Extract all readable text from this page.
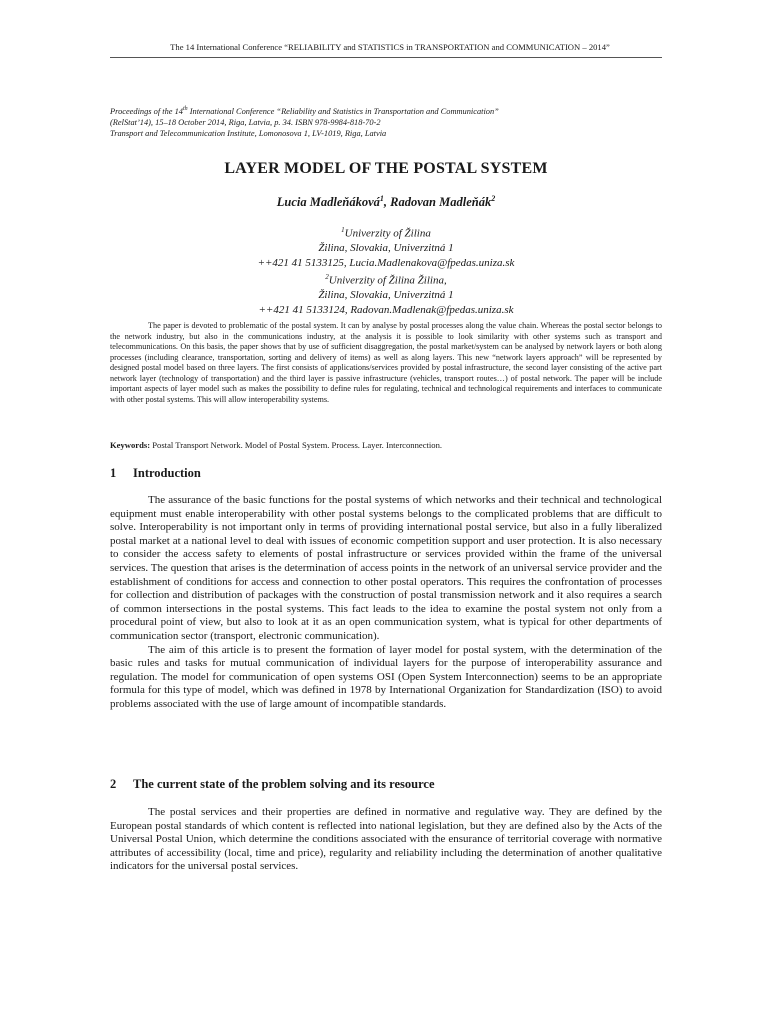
The 14 International Conference “RELIABILITY and STATISTICS in TRANSPORTATION and COMMUNICATION – 2014”
Proceedings of the 14th International Conference “Reliability and Statistics in Transportation and Communication”
(RelStat’14), 15–18 October 2014, Riga, Latvia, p. 34. ISBN 978-9984-818-70-2
Transport and Telecommunication Institute, Lomonosova 1, LV-1019, Riga, Latvia
LAYER MODEL OF THE POSTAL SYSTEM
Lucia Madleňáková$^1$, Radovan Madleňák$^2$
$^1$Univerzity of Žilina
Žilina, Slovakia, Univerzitná 1
++421 41 5133125, Lucia.Madlenakova@fpedas.uniza.sk
$^2$Univerzity of Žilina Žilina,
Žilina, Slovakia, Univerzitná 1
++421 41 5133124, Radovan.Madlenak@fpedas.uniza.sk

The paper is devoted to problematic of the postal system. It can by analyse by postal processes along the value chain. Whereas the postal sector belongs to the network industry, but also in the communications industry, at the analysis it is possible to look similarity with other systems such as transport and telecommunications. On this basis, the paper shows that by use of sufficient disaggregation, the postal market/system can be analysed by network layers or both along processes (including clearance, transportation, sorting and delivery of items) as well as along layers. This new “network layers approach” will be represented by designed postal model based on three layers. The first consists of applications/services provided by postal infrastructure, the second layer consisting of the active part network layer (technology of transportation) and the third layer is passive infrastructure (vehicles, transport routes…) of postal network. The paper will be include important aspects of layer model such as makes the possibility to define rules for regulating, technical and technological requirements and interfaces to communicate with other postal systems. This will allow interoperability systems.

Keywords: Postal Transport Network. Model of Postal System. Process. Layer. Interconnection.

1 Introduction

The assurance of the basic functions for the postal systems of which networks and their technical and technological equipment must enable interoperability with other postal systems belongs to the complicated problems that are difficult to solve. Interoperability is not important only in terms of providing international postal service, but also in a fully liberalized postal market at a national level to deal with issues of economic competition support and user protection. It is also necessary to consider the access safety to elements of postal infrastructure or services provided within the frame of the universal services. The question that arises is the determination of access points in the network of an universal service provider and the establishment of conditions for access and connection to other postal operators. This requires the confrontation of processes for collection and distribution of packages with the construction of postal transmission network and it also requires a search of common intersections in the postal systems. This fact leads to the idea to examine the postal system not only from a procedural point of view, but also to look at it as an open communication system, what is typical for other departments of communication sector (transport, electronic communication).

The aim of this article is to present the formation of layer model for postal system, with the determination of the basic rules and tasks for mutual communication of individual layers for the purpose of interoperability assurance and regulation. The model for communication of open systems OSI (Open System Interconnection) seems to be an appropriate formula for this type of model, which was defined in 1978 by International Organization for Standardization (ISO) to avoid problems associated with the use of large amount of incompatible standards.

2 The current state of the problem solving and its resource

The postal services and their properties are defined in normative and regulative way. They are defined by the European postal standards of which content is reflected into national legislation, but they are defined also by the Acts of the Universal Postal Union, which determine the conditions associated with the ensurance of territorial coverage with normative attributes of accessibility (local, time and price), regularity and reliability including the determination of another qualitative indicators for the universal postal services.
